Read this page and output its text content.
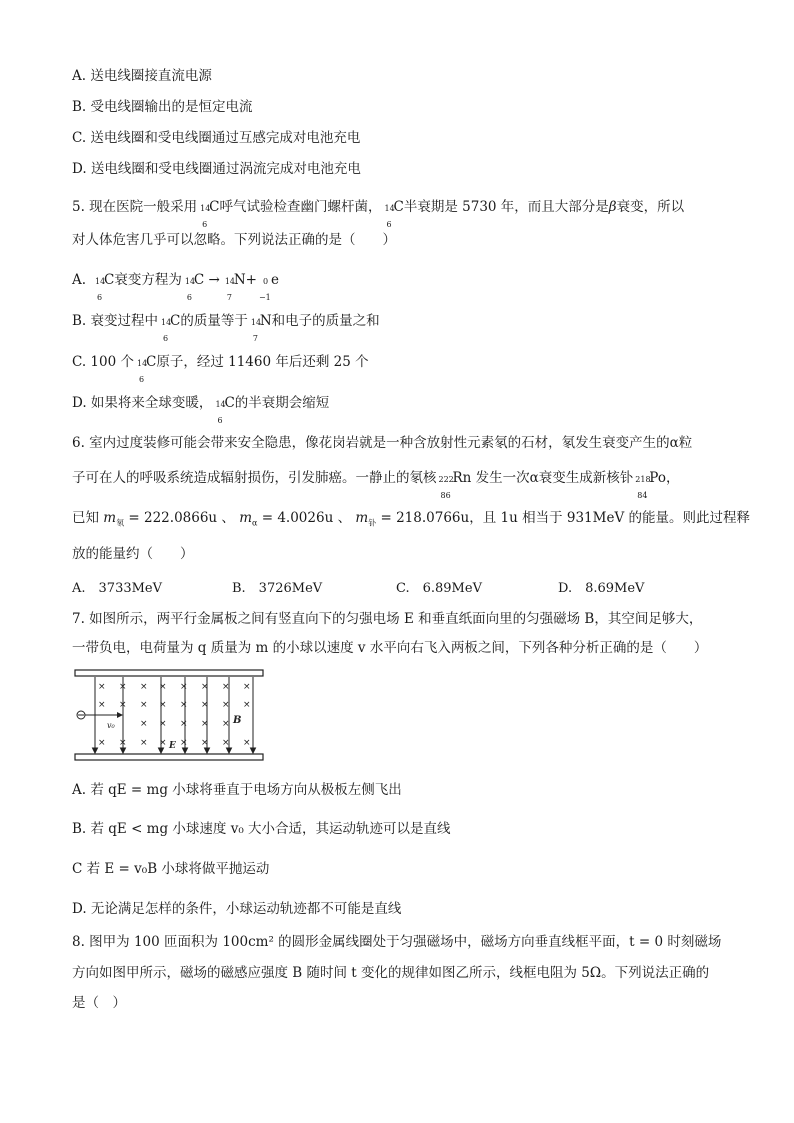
A. 送电线圈接直流电源
B. 受电线圈输出的是恒定电流
C. 送电线圈和受电线圈通过互感完成对电池充电
D. 送电线圈和受电线圈通过涡流完成对电池充电
5. 现在医院一般采用 14
6
C呼气试验检查幽门螺杆菌， 14
6
C半衰期是 5730 年，而且大部分是β衰变，所以
对人体危害几乎可以忽略。下列说法正确的是（　　）
A. 14
6
C衰变方程为 14
6
C → 14
7
N+ 0
−1
e
B. 衰变过程中 14
6
C的质量等于 14
7
N和电子的质量之和
C. 100 个 14
6
C原子，经过 11460 年后还剩 25 个
D. 如果将来全球变暖， 14
6
C的半衰期会缩短
6. 室内过度装修可能会带来安全隐患，像花岗岩就是一种含放射性元素氡的石材，氡发生衰变产生的α粒
子可在人的呼吸系统造成辐射损伤，引发肺癌。一静止的氡核 222
86
Rn 发生一次α衰变生成新核钋 218
84
Po，
已知 $m_氡 = 222.0866u$ 、 $m_\alpha = 4.0026u$ 、 $m_钋 = 218.0766u$，且 1u 相当于 931MeV 的能量。则此过程释
放的能量约（　　）
A.　3733MeV	B.　3726MeV	C.　6.89MeV	D.　8.69MeV
7. 如图所示，两平行金属板之间有竖直向下的匀强电场 E 和垂直纸面向里的匀强磁场 B，其空间足够大，
一带负电，电荷量为 q 质量为 m 的小球以速度 v 水平向右飞入两板之间，下列各种分析正确的是（　　）
× × × × × × × ×
× × × × × × × ×
× × × × ×
× × × × × × × ×
v₀	B
E
A. 若 qE = mg 小球将垂直于电场方向从极板左侧飞出
B. 若 qE < mg 小球速度 v₀ 大小合适，其运动轨迹可以是直线
C 若 E = v₀B 小球将做平抛运动
D. 无论满足怎样的条件，小球运动轨迹都不可能是直线
8. 图甲为 100 匝面积为 100cm² 的圆形金属线圈处于匀强磁场中，磁场方向垂直线框平面，t = 0 时刻磁场
方向如图甲所示，磁场的磁感应强度 B 随时间 t 变化的规律如图乙所示，线框电阻为 5Ω。下列说法正确的
是（　）
